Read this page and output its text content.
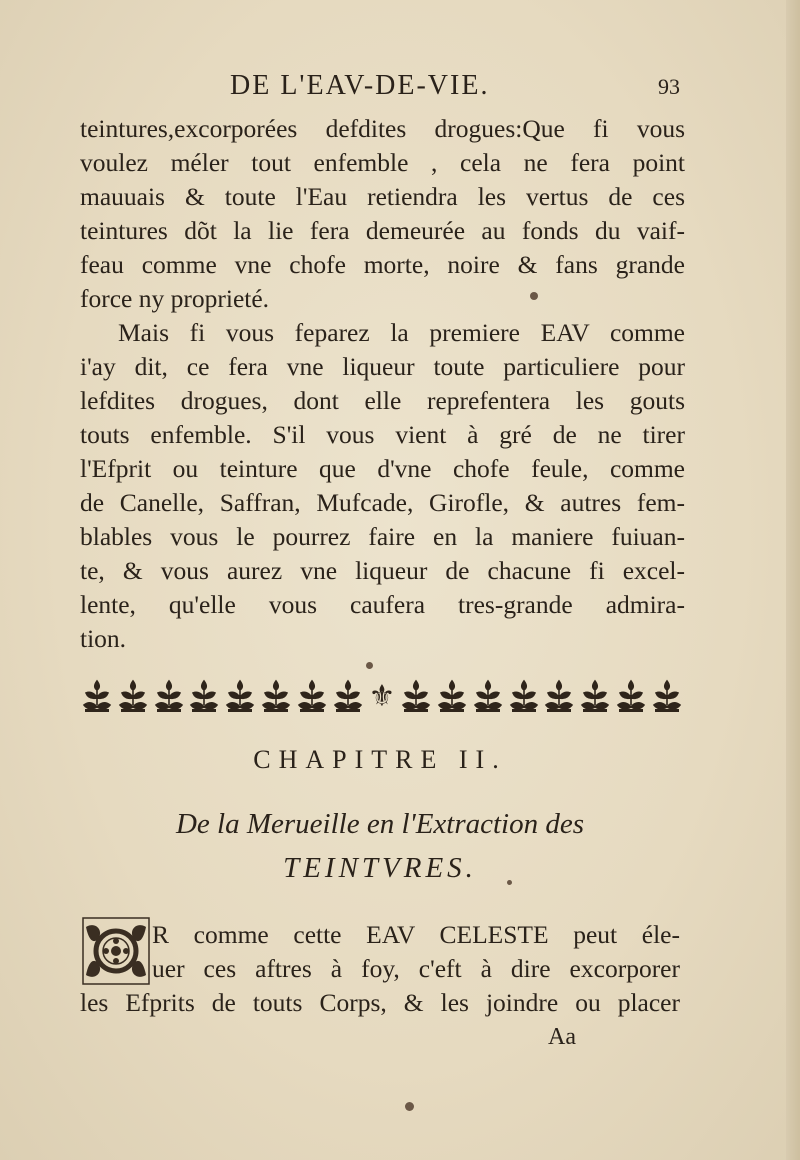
DE L'EAV-DE-VIE.	93
teintures,excorporées defdites drogues:Que fi vous
voulez méler tout enfemble , cela ne fera point
mauuais & toute l'Eau retiendra les vertus de ces
teintures dõt la lie fera demeurée au fonds du vaif-
feau comme vne chofe morte, noire & fans grande
force ny proprieté.
Mais fi vous feparez la premiere EAV comme
i'ay dit, ce fera vne liqueur toute particuliere pour
lefdites drogues, dont elle reprefentera les gouts
touts enfemble. S'il vous vient à gré de ne tirer
l'Efprit ou teinture que d'vne chofe feule, comme
de Canelle, Saffran, Mufcade, Girofle, & autres fem-
blables vous le pourrez faire en la maniere fuiuan-
te, & vous aurez vne liqueur de chacune fi excel-
lente, qu'elle vous caufera tres-grande admira-
tion.
⚜
CHAPITRE II.
De la Merueille en l'Extraction des
TEINTVRES.
R comme cette EAV CELESTE peut éle-
uer ces aftres à foy, c'eft à dire excorporer
les Efprits de touts Corps, & les joindre ou placer
Aa
